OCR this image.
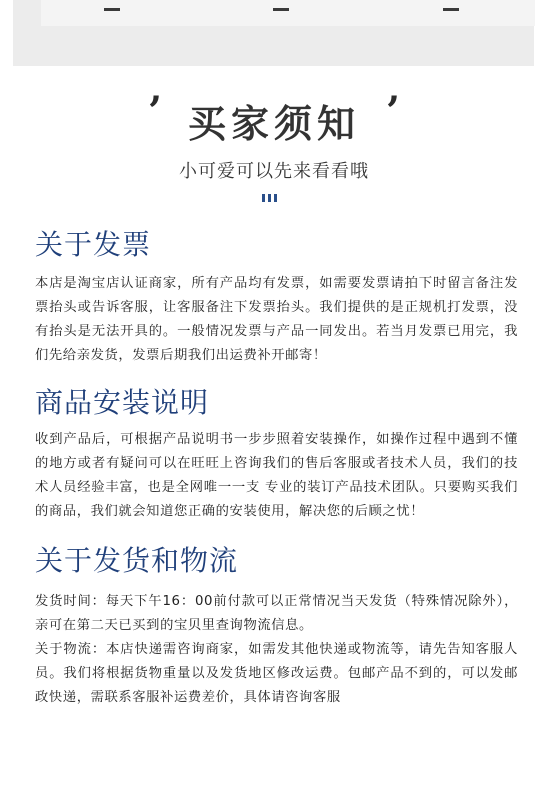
’ 买家须知 ’
小可爱可以先来看看哦
关于发票

本店是淘宝店认证商家，所有产品均有发票，如需要发票请拍下时留言备注发票抬头或告诉客服，让客服备注下发票抬头。我们提供的是正规机打发票，没有抬头是无法开具的。一般情况发票与产品一同发出。若当月发票已用完，我们先给亲发货，发票后期我们出运费补开邮寄！

商品安装说明

收到产品后，可根据产品说明书一步步照着安装操作，如操作过程中遇到不懂的地方或者有疑问可以在旺旺上咨询我们的售后客服或者技术人员，我们的技术人员经验丰富，也是全网唯一一支 专业的装订产品技术团队。只要购买我们的商品，我们就会知道您正确的安装使用，解决您的后顾之忧！

关于发货和物流

发货时间：每天下午16：00前付款可以正常情况当天发货（特殊情况除外），亲可在第二天已买到的宝贝里查询物流信息。

关于物流：本店快递需咨询商家，如需发其他快递或物流等，请先告知客服人员。我们将根据货物重量以及发货地区修改运费。包邮产品不到的，可以发邮政快递，需联系客服补运费差价，具体请咨询客服
